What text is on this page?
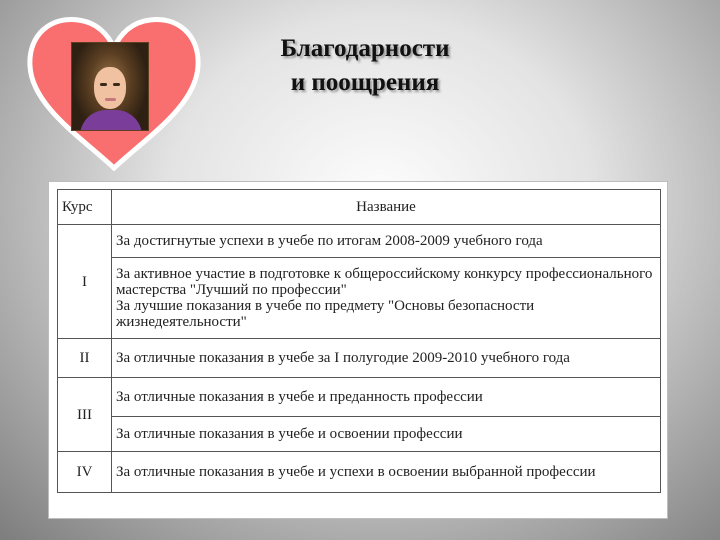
Благодарности
и поощрения
Курс	Название
I	За достигнутые успехи в учебе по итогам 2008-2009 учебного года

	За активное участие в подготовке к общероссийскому конкурсу профессионального мастерства "Лучший по профессии"
За лучшие показания в учебе по предмету "Основы безопасности жизнедеятельности"

II	За отличные показания в учебе за I полугодие 2009-2010 учебного года
III	За отличные показания в учебе и преданность профессии
	За отличные показания в учебе и освоении профессии
IV	За отличные показания в учебе и успехи в освоении выбранной профессии
